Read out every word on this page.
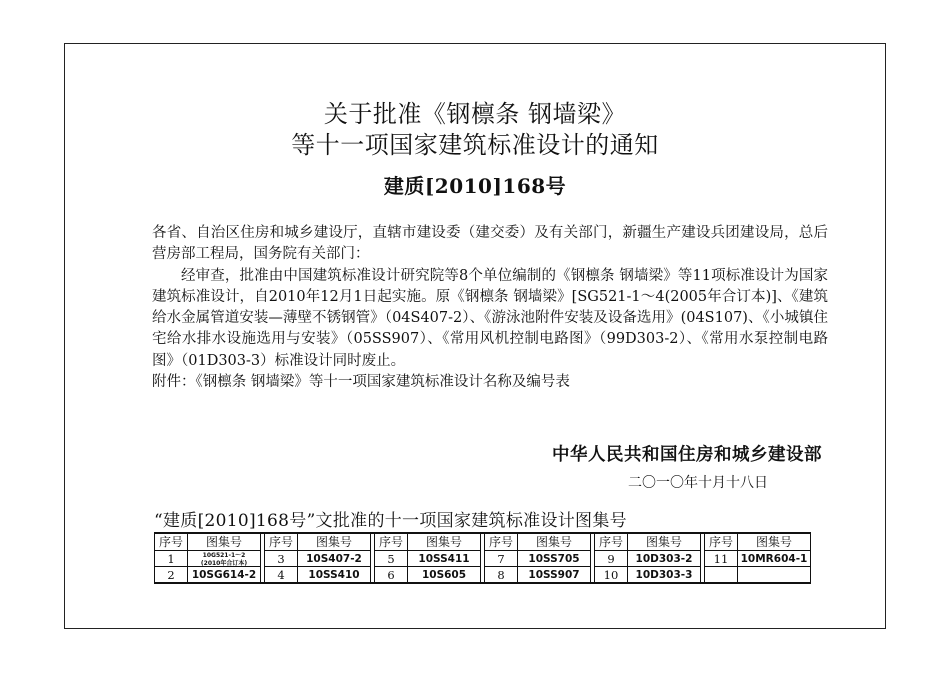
关于批准《钢檩条 钢墙梁》
等十一项国家建筑标准设计的通知
建质[2010]168号

各省、自治区住房和城乡建设厅，直辖市建设委（建交委）及有关部门，新疆生产建设兵团建设局，总后营房部工程局，国务院有关部门：

经审查，批准由中国建筑标准设计研究院等8个单位编制的《钢檩条 钢墙梁》等11项标准设计为国家建筑标准设计，自2010年12月1日起实施。原《钢檩条 钢墙梁》[SG521-1～4(2005年合订本)]、《建筑给水金属管道安装—薄壁不锈钢管》（04S407-2）、《游泳池附件安装及设备选用》(04S107)、《小城镇住宅给水排水设施选用与安装》（05SS907）、《常用风机控制电路图》（99D303-2）、《常用水泵控制电路图》（01D303-3）标准设计同时废止。

附件：《钢檩条 钢墙梁》等十一项国家建筑标准设计名称及编号表

中华人民共和国住房和城乡建设部
二〇一〇年十月十八日
“建质[2010]168号”文批准的十一项国家建筑标准设计图集号
序号
1
2
图集号
10G521-1～2
(2010年合订本)
10SG614-2
序号
3
4
图集号
10S407-2
10SS410
序号
5
6
图集号
10SS411
10S605
序号
7
8
图集号
10SS705
10SS907
序号
9
10
图集号
10D303-2
10D303-3
序号
11
图集号
10MR604-1
